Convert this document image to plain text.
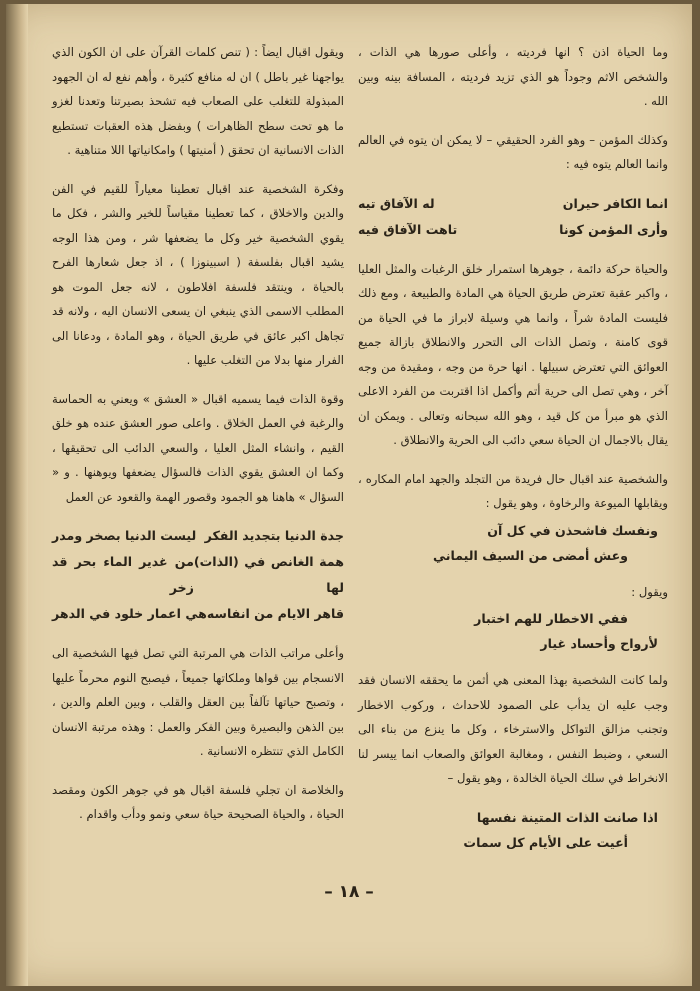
وما الحياة اذن ؟ انها فرديته ، وأعلى صورها هي الذات ، والشخص الاثم وجوداً هو الذي تزيد فرديته ، المسافة بينه وبين الله .

وكذلك المؤمن – وهو الفرد الحقيقي – لا يمكن ان يتوه في العالم وانما العالم يتوه فيه :

انما الكافر حيران
له الآفاق تيه
وأرى المؤمن كونا
تاهت الآفاق فيه

والحياة حركة دائمة ، جوهرها استمرار خلق الرغبات والمثل العليا ، واكبر عقبة تعترض طريق الحياة هي المادة والطبيعة ، ومع ذلك فليست المادة شراً ، وانما هي وسيلة لابراز ما في الحياة من قوى كامنة ، وتصل الذات الى التحرر والانطلاق بازالة جميع العوائق التي تعترض سبيلها . انها حرة من وجه ، ومقيدة من وجه آخر ، وهي تصل الى حرية أتم وأكمل اذا اقتربت من الفرد الاعلى الذي هو مبرأ من كل قيد ، وهو الله سبحانه وتعالى . ويمكن ان يقال بالاجمال ان الحياة سعي دائب الى الحرية والانطلاق .

والشخصية عند اقبال حال فريدة من التجلد والجهد امام المكاره ، ويقابلها الميوعة والرخاوة ، وهو يقول :

ونفسك فاشحذن في كل آن
وعش أمضى من السيف اليماني

ويقول :

ففي الاخطار للهم اختبار
لأرواح وأحساد غيار

ولما كانت الشخصية بهذا المعنى هي أثمن ما يحققه الانسان فقد وجب عليه ان يدأب على الصمود للاحداث ، وركوب الاخطار وتجنب مزالق التواكل والاسترخاء ، وكل ما ينزع من بناء الى السعي ، وضبط النفس ، ومغالبة العوائق والصعاب انما ييسر لنا الانخراط في سلك الحياة الخالدة ، وهو يقول –

اذا صانت الذات المتينة نفسها
أعيت على الأيام كل سمات

ويقول اقبال ايضاً : ( تنص كلمات القرآن على ان الكون الذي يواجهنا غير باطل ) ان له منافع كثيرة ، وأهم نفع له ان الجهود المبذولة للتغلب على الصعاب فيه تشحذ بصيرتنا وتعدنا لغزو ما هو تحت سطح الظاهرات ) وبفضل هذه العقبات تستطيع الذات الانسانية ان تحقق ( أمنيتها ) وامكانياتها اللا متناهية .

وفكرة الشخصية عند اقبال تعطينا معياراً للقيم في الفن والدين والاخلاق ، كما تعطينا مقياساً للخير والشر ، فكل ما يقوي الشخصية خير وكل ما يضعفها شر ، ومن هذا الوجه يشيد اقبال بفلسفة ( اسبينوزا ) ، اذ جعل شعارها الفرح بالحياة ، وينتقد فلسفة افلاطون ، لانه جعل الموت هو المطلب الاسمى الذي ينبغي ان يسعى الانسان اليه ، ولانه قد تجاهل اكبر عائق في طريق الحياة ، وهو المادة ، ودعانا الى الفرار منها بدلا من التغلب عليها .

وقوة الذات فيما يسميه اقبال « العشق » ويعني به الحماسة والرغبة في العمل الخلاق . واعلى صور العشق عنده هو خلق القيم ، وانشاء المثل العليا ، والسعي الدائب الى تحقيقها ، وكما ان العشق يقوي الذات فالسؤال يضعفها ويوهنها . و « السؤال » هاهنا هو الجمود وقصور الهمة والقعود عن العمل

جدة الدنيا بتجديد الفكر
ليست الدنيا بصخر ومدر
همة الغانص في (الذات) لها
من غدير الماء بحر قد زخر
قاهر الايام من انفاسه
هي اعمار خلود في الدهر

وأعلى مراتب الذات هي المرتبة التي تصل فيها الشخصية الى الانسجام بين قواها وملكاتها جميعاً ، فيصبح النوم محرماً عليها ، وتصبح حياتها تآلفاً بين العقل والقلب ، وبين العلم والدين ، بين الذهن والبصيرة وبين الفكر والعمل : وهذه مرتبة الانسان الكامل الذي تنتظره الانسانية .

والخلاصة ان تجلي فلسفة اقبال هو في جوهر الكون ومقصد الحياة ، والحياة الصحيحة حياة سعي ونمو ودأب واقدام .

– ١٨ –
